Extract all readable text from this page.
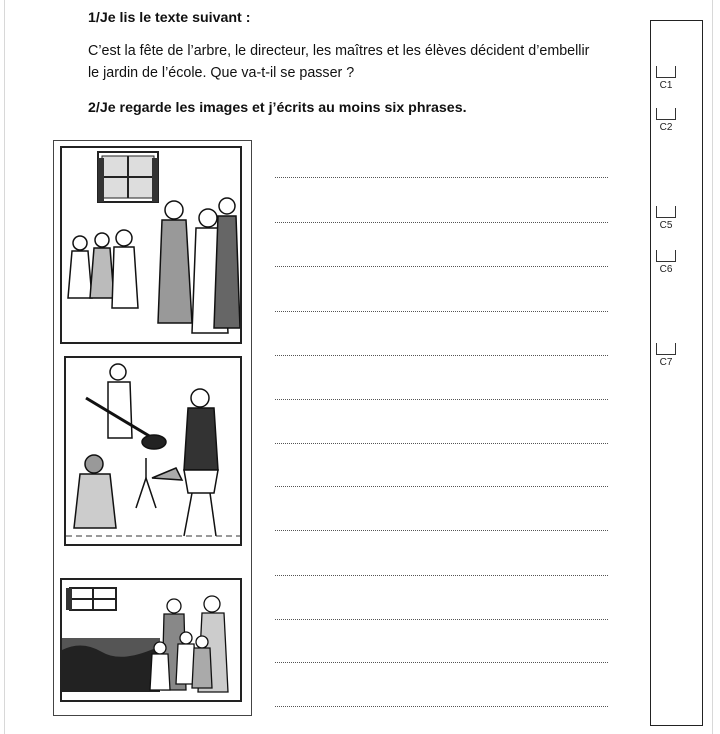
1/Je lis le texte suivant :

C’est la fête de l’arbre, le directeur, les maîtres et les élèves décident d’embellir

le jardin de l’école. Que va-t-il se passer ?

2/Je regarde les images et j’écrits au moins six phrases.

C1
C2
C5
C6
C7
